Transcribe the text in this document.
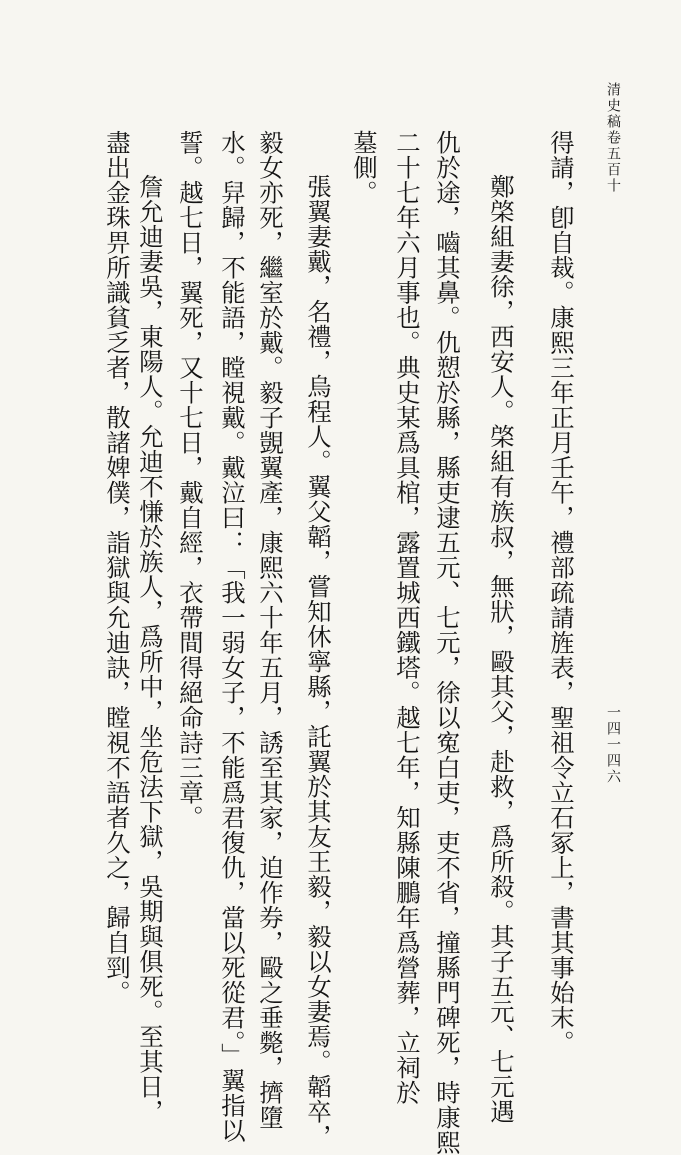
清史稿卷五百十
一四一四六
得請，卽自裁。康熙三年正月壬午，禮部疏請旌表，聖祖令立石冢上，書其事始末。
鄭棨組妻徐，西安人。棨組有族叔，無狀，毆其父，赴救，爲所殺。其子五元、七元遇
仇於途，嚙其鼻。仇愬於縣，縣吏逮五元、七元，徐以寃白吏，吏不省，撞縣門碑死，時康熙
二十七年六月事也。典史某爲具棺，露置城西鐵塔。越七年，知縣陳鵬年爲營葬，立祠於
墓側。
張翼妻戴，名禮，烏程人。翼父韜，嘗知休寧縣，託翼於其友王毅，毅以女妻焉。韜卒，
毅女亦死，繼室於戴。毅子覬翼產，康熙六十年五月，誘至其家，迫作券，毆之垂斃，擠墮
水。舁歸，不能語，瞠視戴。戴泣曰：「我一弱女子，不能爲君復仇，當以死從君。」翼指以
誓。越七日，翼死，又十七日，戴自經，衣帶間得絕命詩三章。
詹允迪妻吳，東陽人。允迪不慊於族人，爲所中，坐危法下獄，吳期與俱死。至其日，
盡出金珠畀所識貧乏者，散諸婢僕，詣獄與允迪訣，瞠視不語者久之，歸自剄。
